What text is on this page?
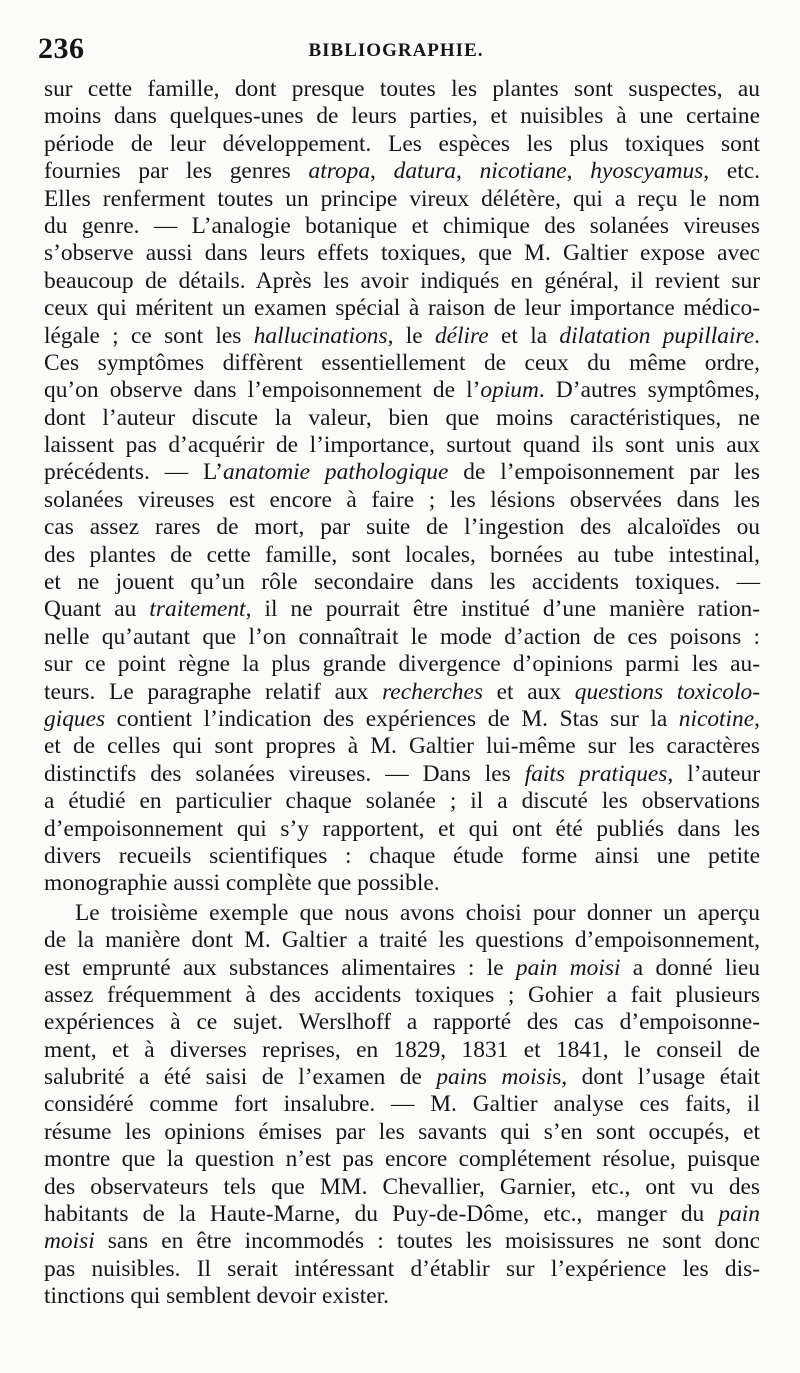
236	BIBLIOGRAPHIE.
sur cette famille, dont presque toutes les plantes sont suspectes, au
moins dans quelques-unes de leurs parties, et nuisibles à une certaine
période de leur développement. Les espèces les plus toxiques sont
fournies par les genres atropa, datura, nicotiane, hyoscyamus, etc.
Elles renferment toutes un principe vireux délétère, qui a reçu le nom
du genre. — L’analogie botanique et chimique des solanées vireuses
s’observe aussi dans leurs effets toxiques, que M. Galtier expose avec
beaucoup de détails. Après les avoir indiqués en général, il revient sur
ceux qui méritent un examen spécial à raison de leur importance médico-
légale ; ce sont les hallucinations, le délire et la dilatation pupillaire.
Ces symptômes diffèrent essentiellement de ceux du même ordre,
qu’on observe dans l’empoisonnement de l’opium. D’autres symptômes,
dont l’auteur discute la valeur, bien que moins caractéristiques, ne
laissent pas d’acquérir de l’importance, surtout quand ils sont unis aux
précédents. — L’anatomie pathologique de l’empoisonnement par les
solanées vireuses est encore à faire ; les lésions observées dans les
cas assez rares de mort, par suite de l’ingestion des alcaloïdes ou
des plantes de cette famille, sont locales, bornées au tube intestinal,
et ne jouent qu’un rôle secondaire dans les accidents toxiques. —
Quant au traitement, il ne pourrait être institué d’une manière ration-
nelle qu’autant que l’on connaîtrait le mode d’action de ces poisons :
sur ce point règne la plus grande divergence d’opinions parmi les au-
teurs. Le paragraphe relatif aux recherches et aux questions toxicolo-
giques contient l’indication des expériences de M. Stas sur la nicotine,
et de celles qui sont propres à M. Galtier lui-même sur les caractères
distinctifs des solanées vireuses. — Dans les faits pratiques, l’auteur
a étudié en particulier chaque solanée ; il a discuté les observations
d’empoisonnement qui s’y rapportent, et qui ont été publiés dans les
divers recueils scientifiques : chaque étude forme ainsi une petite
monographie aussi complète que possible.
Le troisième exemple que nous avons choisi pour donner un aperçu
de la manière dont M. Galtier a traité les questions d’empoisonnement,
est emprunté aux substances alimentaires : le pain moisi a donné lieu
assez fréquemment à des accidents toxiques ; Gohier a fait plusieurs
expériences à ce sujet. Werslhoff a rapporté des cas d’empoisonne-
ment, et à diverses reprises, en 1829, 1831 et 1841, le conseil de
salubrité a été saisi de l’examen de pains moisis, dont l’usage était
considéré comme fort insalubre. — M. Galtier analyse ces faits, il
résume les opinions émises par les savants qui s’en sont occupés, et
montre que la question n’est pas encore complétement résolue, puisque
des observateurs tels que MM. Chevallier, Garnier, etc., ont vu des
habitants de la Haute-Marne, du Puy-de-Dôme, etc., manger du pain
moisi sans en être incommodés : toutes les moisissures ne sont donc
pas nuisibles. Il serait intéressant d’établir sur l’expérience les dis-
tinctions qui semblent devoir exister.
